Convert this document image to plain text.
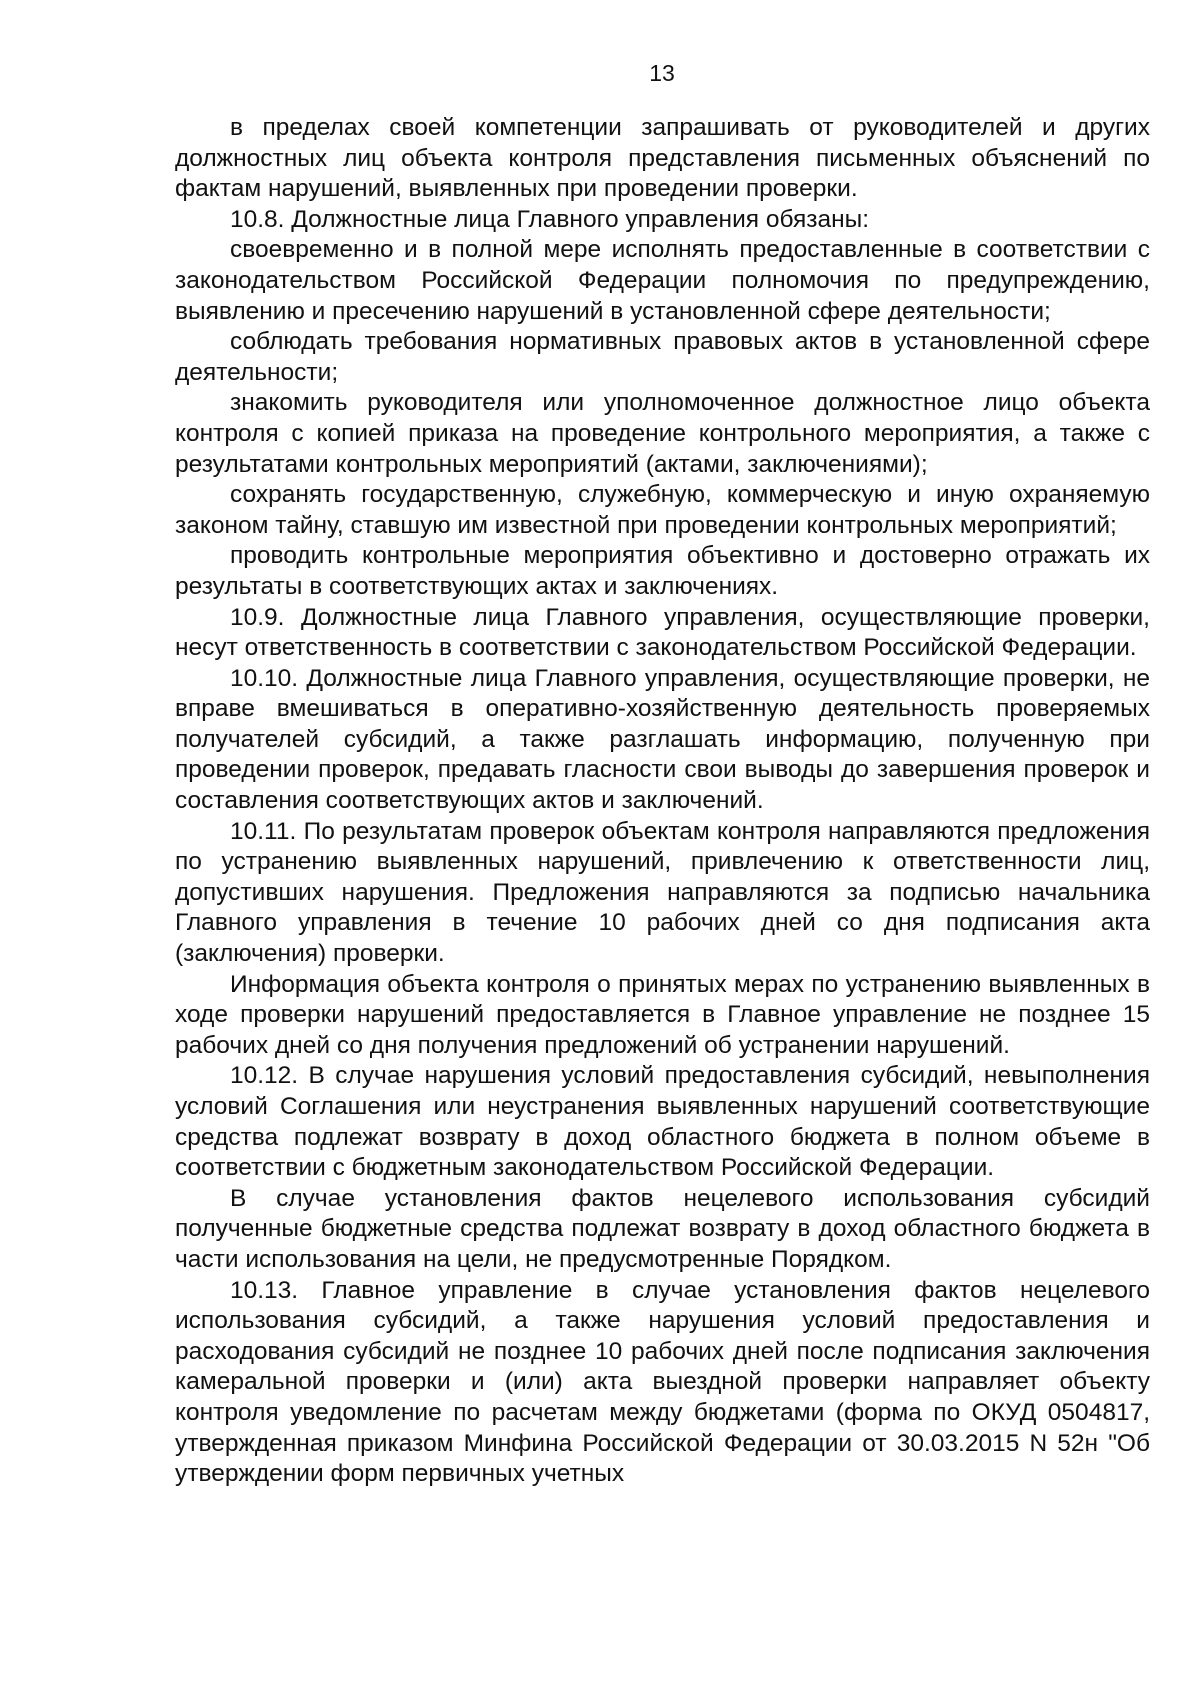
13

в пределах своей компетенции запрашивать от руководителей и других должностных лиц объекта контроля представления письменных объяснений по фактам нарушений, выявленных при проведении проверки.

10.8. Должностные лица Главного управления обязаны:

своевременно и в полной мере исполнять предоставленные в соответствии с законодательством Российской Федерации полномочия по предупреждению, выявлению и пресечению нарушений в установленной сфере деятельности;

соблюдать требования нормативных правовых актов в установленной сфере деятельности;

знакомить руководителя или уполномоченное должностное лицо объекта контроля с копией приказа на проведение контрольного мероприятия, а также с результатами контрольных мероприятий (актами, заключениями);

сохранять государственную, служебную, коммерческую и иную охраняемую законом тайну, ставшую им известной при проведении контрольных мероприятий;

проводить контрольные мероприятия объективно и достоверно отражать их результаты в соответствующих актах и заключениях.

10.9. Должностные лица Главного управления, осуществляющие проверки, несут ответственность в соответствии с законодательством Российской Федерации.

10.10. Должностные лица Главного управления, осуществляющие проверки, не вправе вмешиваться в оперативно-хозяйственную деятельность проверяемых получателей субсидий, а также разглашать информацию, полученную при проведении проверок, предавать гласности свои выводы до завершения проверок и составления соответствующих актов и заключений.

10.11. По результатам проверок объектам контроля направляются предложения по устранению выявленных нарушений, привлечению к ответственности лиц, допустивших нарушения. Предложения направляются за подписью начальника Главного управления в течение 10 рабочих дней со дня подписания акта (заключения) проверки.

Информация объекта контроля о принятых мерах по устранению выявленных в ходе проверки нарушений предоставляется в Главное управление не позднее 15 рабочих дней со дня получения предложений об устранении нарушений.

10.12. В случае нарушения условий предоставления субсидий, невыполнения условий Соглашения или неустранения выявленных нарушений соответствующие средства подлежат возврату в доход областного бюджета в полном объеме в соответствии с бюджетным законодательством Российской Федерации.

В случае установления фактов нецелевого использования субсидий полученные бюджетные средства подлежат возврату в доход областного бюджета в части использования на цели, не предусмотренные Порядком.

10.13. Главное управление в случае установления фактов нецелевого использования субсидий, а также нарушения условий предоставления и расходования субсидий не позднее 10 рабочих дней после подписания заключения камеральной проверки и (или) акта выездной проверки направляет объекту контроля уведомление по расчетам между бюджетами (форма по ОКУД 0504817, утвержденная приказом Минфина Российской Федерации от 30.03.2015 N 52н "Об утверждении форм первичных учетных
